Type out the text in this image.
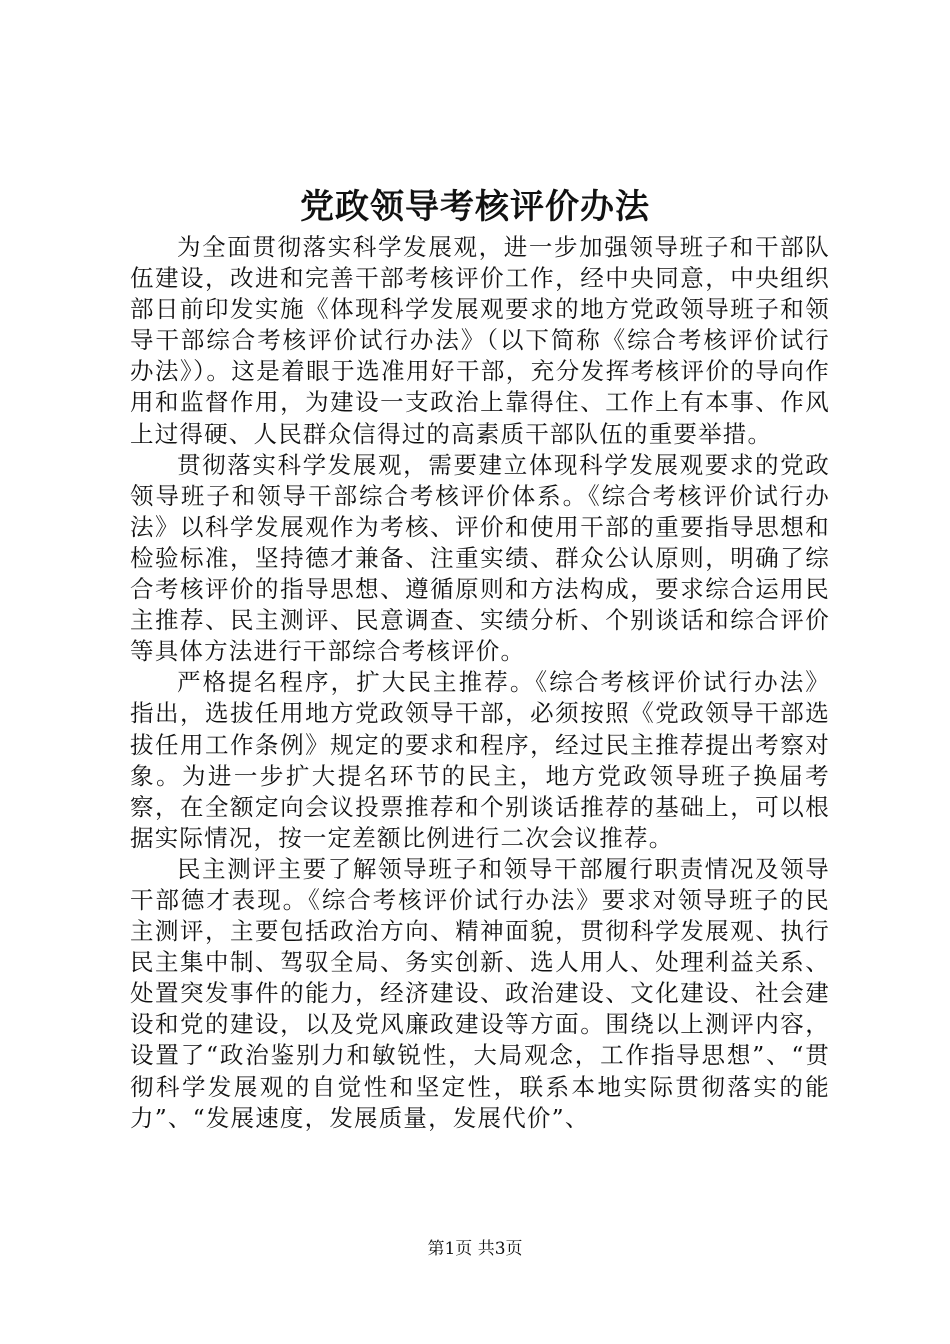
党政领导考核评价办法

为全面贯彻落实科学发展观，进一步加强领导班子和干部队伍建设，改进和完善干部考核评价工作，经中央同意，中央组织部日前印发实施《体现科学发展观要求的地方党政领导班子和领导干部综合考核评价试行办法》（以下简称《综合考核评价试行办法》）。这是着眼于选准用好干部，充分发挥考核评价的导向作用和监督作用，为建设一支政治上靠得住、工作上有本事、作风上过得硬、人民群众信得过的高素质干部队伍的重要举措。

贯彻落实科学发展观，需要建立体现科学发展观要求的党政领导班子和领导干部综合考核评价体系。《综合考核评价试行办法》以科学发展观作为考核、评价和使用干部的重要指导思想和检验标准，坚持德才兼备、注重实绩、群众公认原则，明确了综合考核评价的指导思想、遵循原则和方法构成，要求综合运用民主推荐、民主测评、民意调查、实绩分析、个别谈话和综合评价等具体方法进行干部综合考核评价。

严格提名程序，扩大民主推荐。《综合考核评价试行办法》指出，选拔任用地方党政领导干部，必须按照《党政领导干部选拔任用工作条例》规定的要求和程序，经过民主推荐提出考察对象。为进一步扩大提名环节的民主，地方党政领导班子换届考察，在全额定向会议投票推荐和个别谈话推荐的基础上，可以根据实际情况，按一定差额比例进行二次会议推荐。

民主测评主要了解领导班子和领导干部履行职责情况及领导干部德才表现。《综合考核评价试行办法》要求对领导班子的民主测评，主要包括政治方向、精神面貌，贯彻科学发展观、执行民主集中制、驾驭全局、务实创新、选人用人、处理利益关系、处置突发事件的能力，经济建设、政治建设、文化建设、社会建设和党的建设，以及党风廉政建设等方面。围绕以上测评内容，设置了“政治鉴别力和敏锐性，大局观念，工作指导思想”、“贯彻科学发展观的自觉性和坚定性，联系本地实际贯彻落实的能力”、“发展速度，发展质量，发展代价”、

第1页 共3页
